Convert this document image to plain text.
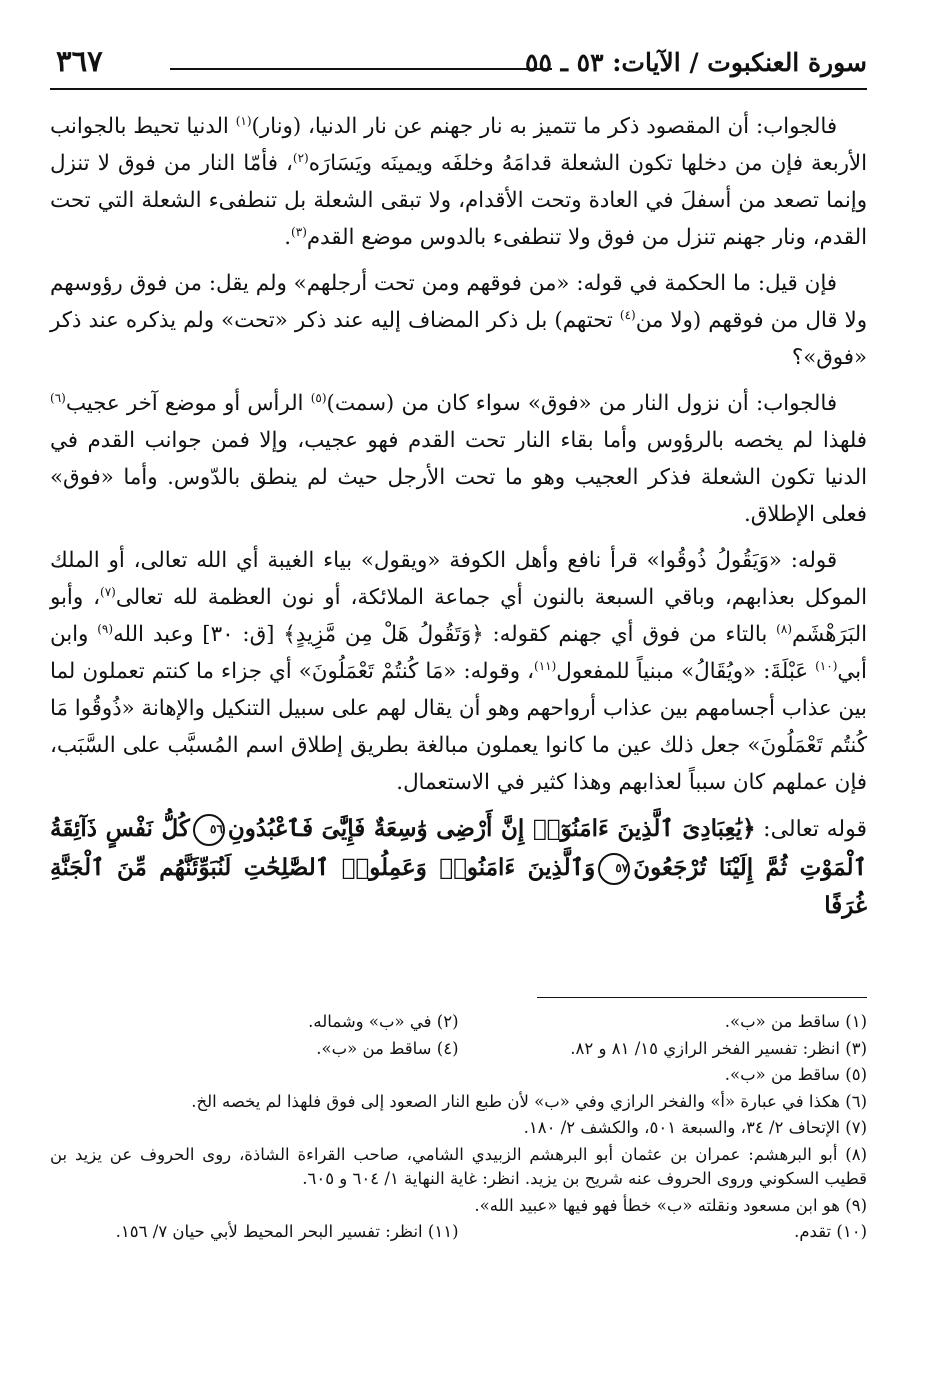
سورة العنكبوت / الآيات: ٥٣ ـ ٥٥
٣٦٧

فالجواب: أن المقصود ذكر ما تتميز به نار جهنم عن نار الدنيا، (ونار)$^{(١)}$ الدنيا تحيط بالجوانب الأربعة فإن من دخلها تكون الشعلة قدامَهُ وخلفَه ويمينَه ويَسَارَه$^{(٢)}$، فأمّا النار من فوق لا تنزل وإنما تصعد من أسفلَ في العادة وتحت الأقدام، ولا تبقى الشعلة بل تنطفىء الشعلة التي تحت القدم، ونار جهنم تنزل من فوق ولا تنطفىء بالدوس موضع القدم$^{(٣)}$.

فإن قيل: ما الحكمة في قوله: «من فوقهم ومن تحت أرجلهم» ولم يقل: من فوق رؤوسهم ولا قال من فوقهم (ولا من$^{(٤)}$ تحتهم) بل ذكر المضاف إليه عند ذكر «تحت» ولم يذكره عند ذكر «فوق»؟

فالجواب: أن نزول النار من «فوق» سواء كان من (سمت)$^{(٥)}$ الرأس أو موضع آخر عجيب$^{(٦)}$ فلهذا لم يخصه بالرؤوس وأما بقاء النار تحت القدم فهو عجيب، وإلا فمن جوانب القدم في الدنيا تكون الشعلة فذكر العجيب وهو ما تحت الأرجل حيث لم ينطق بالدّوس. وأما «فوق» فعلى الإطلاق.

قوله: «وَيَقُولُ ذُوقُوا» قرأ نافع وأهل الكوفة «ويقول» بياء الغيبة أي الله تعالى، أو الملك الموكل بعذابهم، وباقي السبعة بالنون أي جماعة الملائكة، أو نون العظمة لله تعالى$^{(٧)}$، وأبو البَرَهْشَم$^{(٨)}$ بالتاء من فوق أي جهنم كقوله: ﴿وَتَقُولُ هَلْ مِن مَّزِيدٍ﴾ [ق: ٣٠] وعبد الله$^{(٩)}$ وابن أبي$^{(١٠)}$ عَبْلَةَ: «ويُقَالُ» مبنياً للمفعول$^{(١١)}$، وقوله: «مَا كُنتُمْ تَعْمَلُونَ» أي جزاء ما كنتم تعملون لما بين عذاب أجسامهم بين عذاب أرواحهم وهو أن يقال لهم على سبيل التنكيل والإهانة «ذُوقُوا مَا كُنتُم تَعْمَلُونَ» جعل ذلك عين ما كانوا يعملون مبالغة بطريق إطلاق اسم المُسبَّب على السَّبَب، فإن عملهم كان سبباً لعذابهم وهذا كثير في الاستعمال.

قوله تعالى: ﴿يَٰعِبَادِىَ ٱلَّذِينَ ءَامَنُوٓا۟ إِنَّ أَرْضِى وَٰسِعَةٌ فَإِيَّٰىَ فَٱعْبُدُونِ٥٦كُلُّ نَفْسٍ ذَآئِقَةُ ٱلْمَوْتِ ثُمَّ إِلَيْنَا تُرْجَعُونَ٥٧وَٱلَّذِينَ ءَامَنُوا۟ وَعَمِلُوا۟ ٱلصَّٰلِحَٰتِ لَنُبَوِّئَنَّهُم مِّنَ ٱلْجَنَّةِ غُرَفًا
(١) ساقط من «ب».
(٢) في «ب» وشماله.
(٣) انظر: تفسير الفخر الرازي ١٥/ ٨١ و ٨٢.
(٤) ساقط من «ب».
(٥) ساقط من «ب».
(٦) هكذا في عبارة «أ» والفخر الرازي وفي «ب» لأن طبع النار الصعود إلى فوق فلهذا لم يخصه الخ.
(٧) الإتحاف ٢/ ٣٤، والسبعة ٥٠١، والكشف ٢/ ١٨٠.
(٨) أبو البرهشم: عمران بن عثمان أبو البرهشم الزبيدي الشامي، صاحب القراءة الشاذة، روى الحروف عن يزيد بن قطيب السكوني وروى الحروف عنه شريح بن يزيد. انظر: غاية النهاية ١/ ٦٠٤ و ٦٠٥.
(٩) هو ابن مسعود ونقلته «ب» خطأ فهو فيها «عبيد الله».
(١٠) تقدم.
(١١) انظر: تفسير البحر المحيط لأبي حيان ٧/ ١٥٦.
